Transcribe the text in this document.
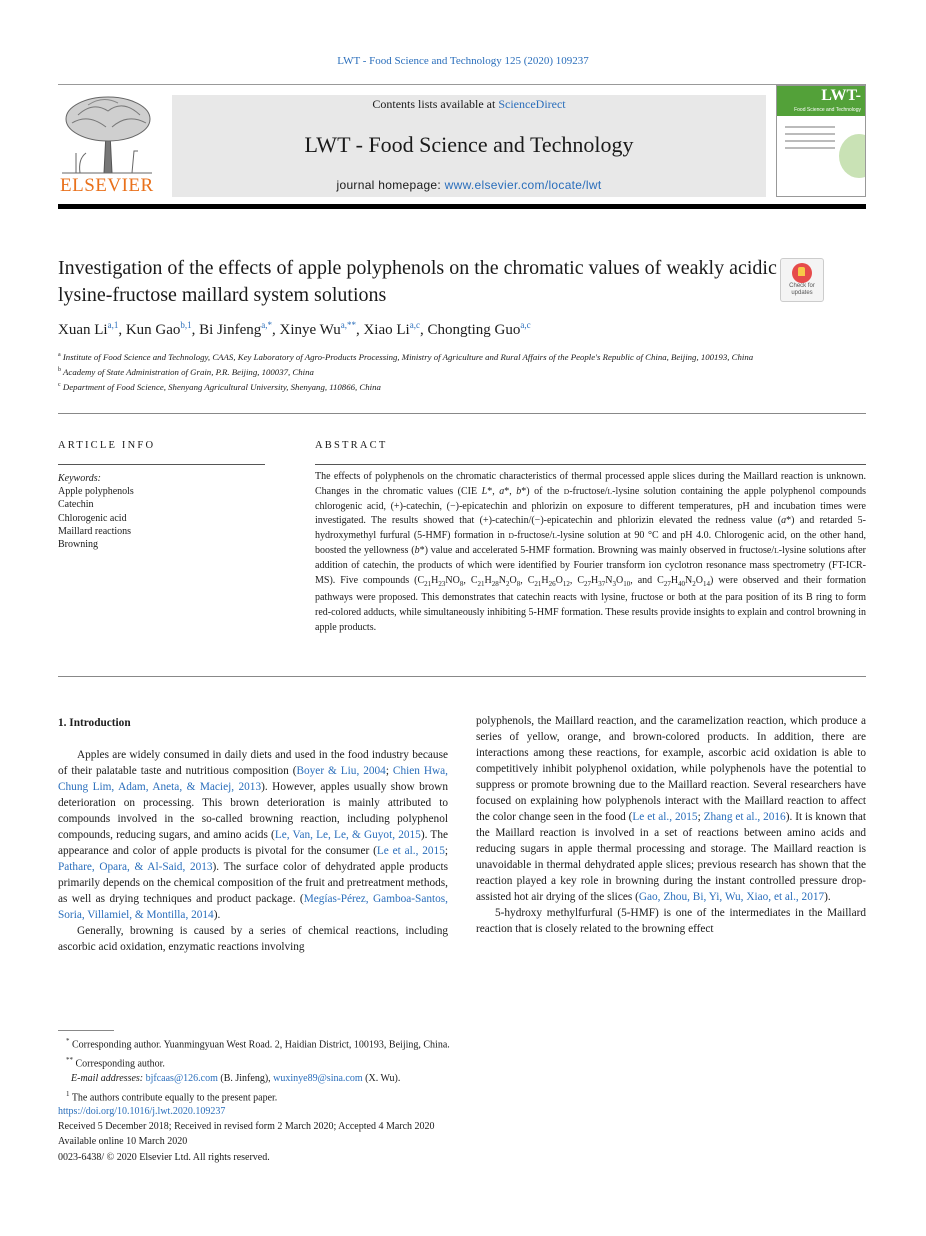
LWT - Food Science and Technology 125 (2020) 109237
ELSEVIER
Contents lists available at ScienceDirect
LWT - Food Science and Technology
journal homepage: www.elsevier.com/locate/lwt
LWT-
Food Science and Technology
Investigation of the effects of apple polyphenols on the chromatic values of weakly acidic lysine-fructose maillard system solutions	Check for
updates
Xuan Li$^{a,1}$, Kun Gao$^{b,1}$, Bi Jinfeng$^{a,*}$, Xinye $Wu^{a,**}$, Xiao Li$^{a,c}$, Chongting Guo$^{a,c}$
$^a$ Institute of Food Science and Technology, CAAS, Key Laboratory of Agro-Products Processing, Ministry of Agriculture and Rural Affairs of the People's Republic of China, Beijing, 100193, China
$^b$ Academy of State Administration of Grain, P.R. Beijing, 100037, China
$^c$ Department of Food Science, Shenyang Agricultural University, Shenyang, 110866, China
ARTICLE INFO
Keywords:
Apple polyphenols
Catechin
Chlorogenic acid
Maillard reactions
Browning
ABSTRACT

The effects of polyphenols on the chromatic characteristics of thermal processed apple slices during the Maillard reaction is unknown. Changes in the chromatic values (CIE L*, a*, b*) of the D-fructose/L-lysine solution containing the apple polyphenol compounds chlorogenic acid, (+)-catechin, (−)-epicatechin and phlorizin on exposure to different temperatures, pH and incubation times were investigated. The results showed that (+)-catechin/(−)-epicatechin and phlorizin elevated the redness value (a*) and retarded 5-hydroxymethyl furfural (5-HMF) formation in D-fructose/L-lysine solution at 90 °C and pH 4.0. Chlorogenic acid, on the other hand, boosted the yellowness (b*) value and accelerated 5-HMF formation. Browning was mainly observed in fructose/L-lysine solutions after addition of catechin, the products of which were identified by Fourier transform ion cyclotron resonance mass spectrometry (FT-ICR-MS). Five compounds ($C_{21}H_{23}NO_8$, $C_{21}H_{28}N_2O_8$, $C_{21}H_{26}O_{12}$, $C_{27}H_{37}N_3O_{10}$, and $C_{27}H_{40}N_2O_{14}$) were observed and their formation pathways were proposed. This demonstrates that catechin reacts with lysine, fructose or both at the para position of its B ring to form red-colored adducts, while simultaneously inhibiting 5-HMF formation. These results provide insights to explain and control browning in apple products.

1. Introduction

Apples are widely consumed in daily diets and used in the food industry because of their palatable taste and nutritious composition (Boyer & Liu, 2004; Chien Hwa, Chung Lim, Adam, Aneta, & Maciej, 2013). However, apples usually show brown deterioration on processing. This brown deterioration is mainly attributed to compounds involved in the so-called browning reaction, including polyphenol compounds, reducing sugars, and amino acids (Le, Van, Le, Le, & Guyot, 2015). The appearance and color of apple products is pivotal for the consumer (Le et al., 2015; Pathare, Opara, & Al-Said, 2013). The surface color of dehydrated apple products primarily depends on the chemical composition of the fruit and pretreatment methods, as well as drying techniques and product package. (Megías-Pérez, Gamboa-Santos, Soria, Villamiel, & Montilla, 2014).

Generally, browning is caused by a series of chemical reactions, including ascorbic acid oxidation, enzymatic reactions involving

polyphenols, the Maillard reaction, and the caramelization reaction, which produce a series of yellow, orange, and brown-colored products. In addition, there are interactions among these reactions, for example, ascorbic acid oxidation is able to competitively inhibit polyphenol oxidation, while polyphenols have the potential to suppress or promote browning due to the Maillard reaction. Several researchers have focused on explaining how polyphenols interact with the Maillard reaction to affect the color change seen in the food (Le et al., 2015; Zhang et al., 2016). It is known that the Maillard reaction is involved in a set of reactions between amino acids and reducing sugars in apple thermal processing and storage. The Maillard reaction is unavoidable in thermal dehydrated apple slices; previous research has shown that the reaction played a key role in browning during the instant controlled pressure drop-assisted hot air drying of the slices (Gao, Zhou, Bi, Yi, Wu, Xiao, et al., 2017).

5-hydroxy methylfurfural (5-HMF) is one of the intermediates in the Maillard reaction that is closely related to the browning effect

* Corresponding author. Yuanmingyuan West Road. 2, Haidian District, 100193, Beijing, China.
** Corresponding author.
E-mail addresses: bjfcaas@126.com (B. Jinfeng), wuxinye89@sina.com (X. Wu).
$^1$ The authors contribute equally to the present paper.
https://doi.org/10.1016/j.lwt.2020.109237
Received 5 December 2018; Received in revised form 2 March 2020; Accepted 4 March 2020
Available online 10 March 2020
0023-6438/ © 2020 Elsevier Ltd. All rights reserved.
